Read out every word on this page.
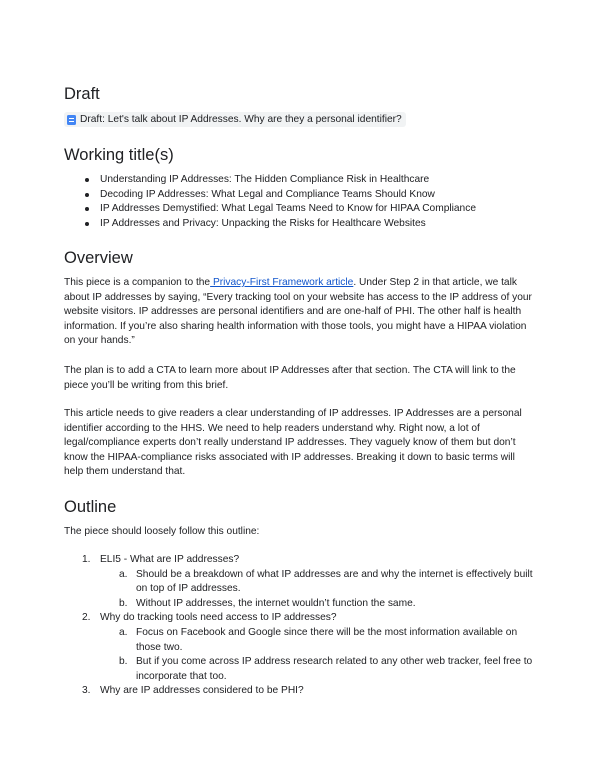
Draft
Draft: Let's talk about IP Addresses. Why are they a personal identifier?
Working title(s)
Understanding IP Addresses: The Hidden Compliance Risk in Healthcare
Decoding IP Addresses: What Legal and Compliance Teams Should Know
IP Addresses Demystified: What Legal Teams Need to Know for HIPAA Compliance
IP Addresses and Privacy: Unpacking the Risks for Healthcare Websites
Overview

This piece is a companion to the Privacy-First Framework article. Under Step 2 in that article, we talk about IP addresses by saying, “Every tracking tool on your website has access to the IP address of your website visitors. IP addresses are personal identifiers and are one-half of PHI. The other half is health information. If you’re also sharing health information with those tools, you might have a HIPAA violation on your hands.”

The plan is to add a CTA to learn more about IP Addresses after that section. The CTA will link to the piece you’ll be writing from this brief.

This article needs to give readers a clear understanding of IP addresses. IP Addresses are a personal identifier according to the HHS. We need to help readers understand why. Right now, a lot of legal/compliance experts don’t really understand IP addresses. They vaguely know of them but don’t know the HIPAA-compliance risks associated with IP addresses. Breaking it down to basic terms will help them understand that.

Outline

The piece should loosely follow this outline:

1. ELI5 - What are IP addresses?
a. Should be a breakdown of what IP addresses are and why the internet is effectively built on top of IP addresses.
b. Without IP addresses, the internet wouldn’t function the same.
2. Why do tracking tools need access to IP addresses?
a. Focus on Facebook and Google since there will be the most information available on those two.
b. But if you come across IP address research related to any other web tracker, feel free to incorporate that too.
3. Why are IP addresses considered to be PHI?
